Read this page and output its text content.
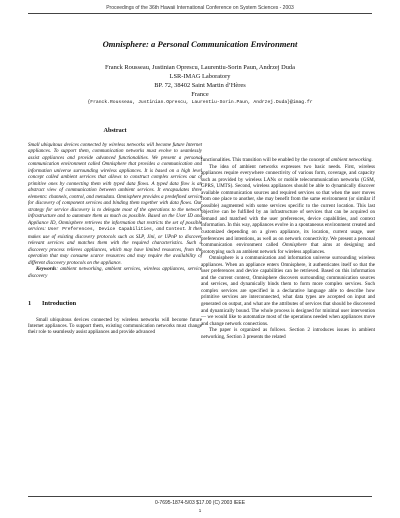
Proceedings of the 36th Hawaii International Conference on System Sciences - 2003
Omnisphere: a Personal Communication Environment
Franck Rousseau, Justinian Oprescu, Laurentiu-Sorin Paun, Andrzej Duda
LSR-IMAG Laboratory
BP. 72, 38402 Saint Martin d’Hères
France
{Franck.Rousseau, Justinian.Oprescu, Laurentiu-Sorin.Paun, Andrzej.Duda}@imag.fr
Abstract

Small ubiquitous devices connected by wireless networks will become future Internet appliances. To support them, communication networks must evolve to seamlessly assist appliances and provide advanced functionalities. We present a personal communication environment called Omnisphere that provides a communication and information universe surrounding wireless appliances. It is based on a high level concept called ambient services that allows to construct complex services out of primitive ones by connecting them with typed data flows. A typed data flow is an abstract view of communication between ambient services. It encapsulates three elements: channels, control, and metadata. Omnisphere provides a predefined service for discovery of component services and binding them together with data flows. Our strategy for service discovery is to delegate most of the operations to the network infrastructure and to automate them as much as possible. Based on the User ID and Appliance ID, Omnisphere retrieves the information that restricts the set of possible services: User Preferences, Device Capabilities, and Context. It then makes use of existing discovery protocols such as SLP, Jini, or UPnP to discover relevant services and matches them with the required characteristics. Such a discovery process relieves appliances, which may have limited resources, from the operation that may consume scarce resources and may require the availability of different discovery protocols on the appliance.

Keywords: ambient networking, ambient services, wireless appliances, service discovery

1 Introduction

Small ubiquitous devices connected by wireless networks will become future Internet appliances. To support them, existing communication networks must change their role to seamlessly assist appliances and provide advanced

functionalities. This transition will be enabled by the concept of ambient networking.

The idea of ambient networks expresses two basic needs. First, wireless appliances require everywhere connectivity of various form, coverage, and capacity such as provided by wireless LANs or mobile telecommunication networks (GSM, GPRS, UMTS). Second, wireless appliances should be able to dynamically discover available communication sources and required services so that when the user moves from one place to another, she may benefit from the same environment (or similar if possible) augmented with some services specific to the current location. This last objective can be fulfilled by an infrastructure of services that can be acquired on demand and matched with the user preferences, device capabilities, and context information. In this way, appliances evolve in a spontaneous environment created and customized depending on a given appliance, its location, current usage, user preferences and intentions, as well as on network connectivity. We present a personal communication environment called Omnisphere that aims at designing and prototyping such an ambient network for wireless appliances.

Omnisphere is a communication and information universe surrounding wireless appliances. When an appliance enters Omnisphere, it authenticates itself so that the user preferences and device capabilities can be retrieved. Based on this information and the current context, Omnisphere discovers surrounding communication sources and services, and dynamically binds them to form more complex services. Such complex services are specified in a declarative language able to describe how primitive services are interconnected, what data types are accepted on input and generated on output, and what are the attributes of services that should be discovered and dynamically bound. The whole process is designed for minimal user intervention — we would like to automatize most of the operations needed when appliances move and change network connections.

The paper is organized as follows. Section 2 introduces issues in ambient networking, Section 3 presents the related

0-7695-1874-5/03 $17.00 (C) 2003 IEEE
1
